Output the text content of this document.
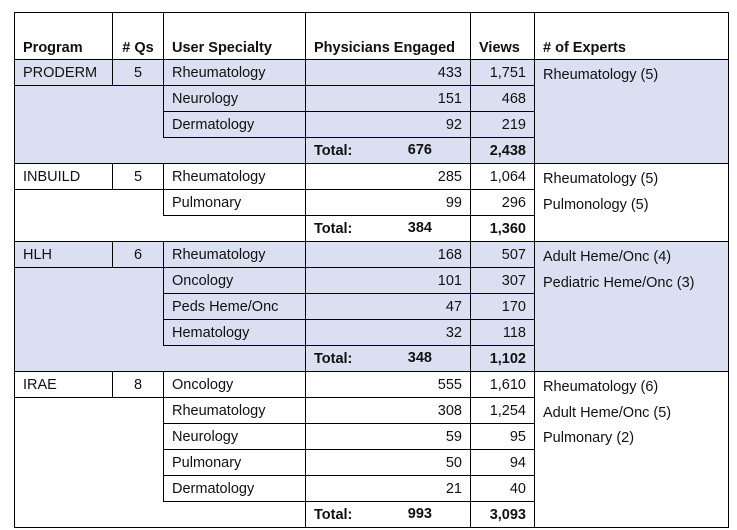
Program	# Qs	User Specialty	Physicians Engaged	Views	# of Experts
PRODERM	5	Rheumatology	433	1,751	Rheumatology (5)

		Neurology	151	468	
		Dermatology	92	219	
			Total: 676	2,438	
INBUILD	5	Rheumatology	285	1,064	Rheumatology (5)
Pulmonology (5)

		Pulmonary	99	296	
			Total: 384	1,360	
HLH	6	Rheumatology	168	507	Adult Heme/Onc (4)
Pediatric Heme/Onc (3)

		Oncology	101	307	
		Peds Heme/Onc	47	170	
		Hematology	32	118	
			Total: 348	1,102	
IRAE	8	Oncology	555	1,610	Rheumatology (6)
Adult Heme/Onc (5)
Pulmonary (2)

		Rheumatology	308	1,254	
		Neurology	59	95	
		Pulmonary	50	94	
		Dermatology	21	40	
			Total: 993	3,093	
